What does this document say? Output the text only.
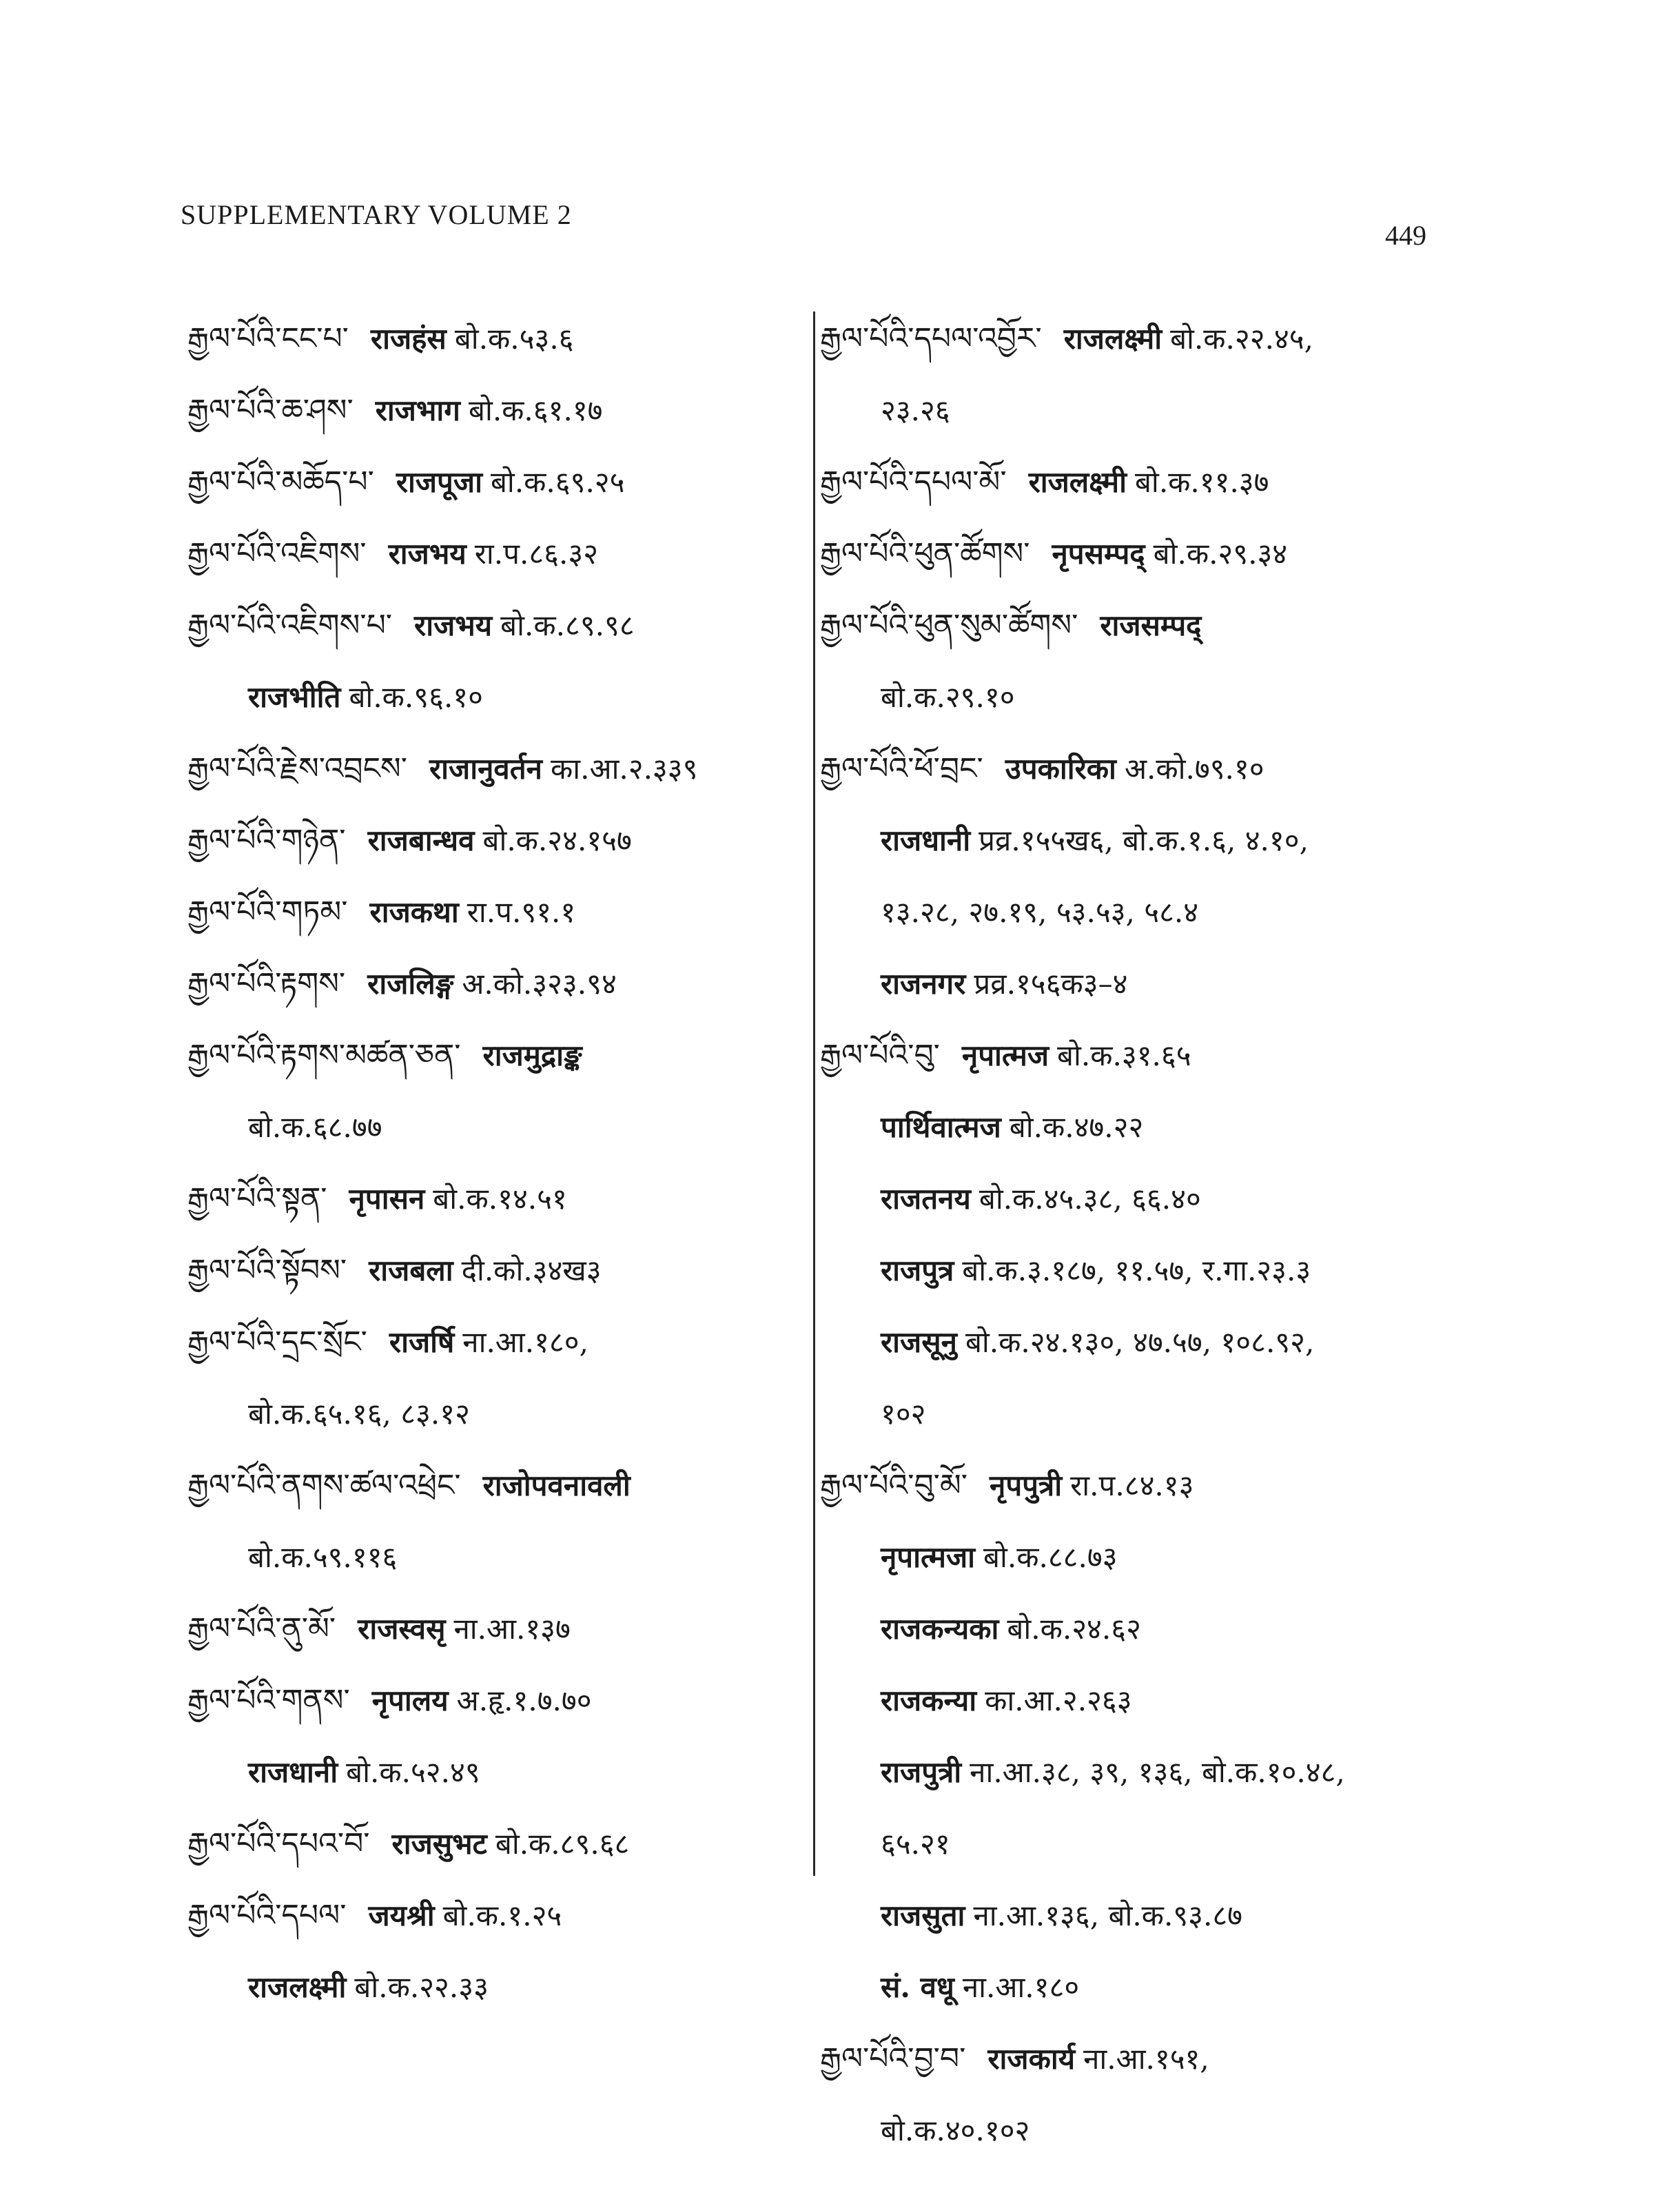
SUPPLEMENTARY VOLUME 2
449
རྒྱལ་པོའི་ངང་པ་ राजहंस बो.क.५३.६
རྒྱལ་པོའི་ཆ་ཤས་ राजभाग बो.क.६१.१७
རྒྱལ་པོའི་མཆོད་པ་ राजपूजा बो.क.६९.२५
རྒྱལ་པོའི་འཇིགས་ राजभय रा.प.८६.३२
རྒྱལ་པོའི་འཇིགས་པ་ राजभय बो.क.८९.९८
राजभीति बो.क.९६.१०
རྒྱལ་པོའི་རྗེས་འབྲངས་ राजानुवर्तन का.आ.२.३३९
རྒྱལ་པོའི་གཉེན་ राजबान्धव बो.क.२४.१५७
རྒྱལ་པོའི་གཏམ་ राजकथा रा.प.९१.१
རྒྱལ་པོའི་རྟགས་ राजलिङ्ग अ.को.३२३.९४
རྒྱལ་པོའི་རྟགས་མཚན་ཅན་ राजमुद्राङ्क
बो.क.६८.७७
རྒྱལ་པོའི་སྟན་ नृपासन बो.क.१४.५१
རྒྱལ་པོའི་སྟོབས་ राजबला दी.को.३४ख३
རྒྱལ་པོའི་དྲང་སྲོང་ राजर्षि ना.आ.१८०,
बो.क.६५.१६, ८३.१२
རྒྱལ་པོའི་ནགས་ཚལ་འཕྲེང་ राजोपवनावली
बो.क.५९.११६
རྒྱལ་པོའི་ནུ་མོ་ राजस्वसृ ना.आ.१३७
རྒྱལ་པོའི་གནས་ नृपालय अ.हृ.१.७.७०
राजधानी बो.क.५२.४९
རྒྱལ་པོའི་དཔའ་བོ་ राजसुभट बो.क.८९.६८
རྒྱལ་པོའི་དཔལ་ जयश्री बो.क.१.२५
राजलक्ष्मी बो.क.२२.३३
རྒྱལ་པོའི་དཔལ་འབྱོར་ राजलक्ष्मी बो.क.२२.४५,
२३.२६
རྒྱལ་པོའི་དཔལ་མོ་ राजलक्ष्मी बो.क.११.३७
རྒྱལ་པོའི་ཕུན་ཚོགས་ नृपसम्पद् बो.क.२९.३४
རྒྱལ་པོའི་ཕུན་སུམ་ཚོགས་ राजसम्पद्
बो.क.२९.१०
རྒྱལ་པོའི་ཕོ་བྲང་ उपकारिका अ.को.७९.१०
राजधानी प्रव्र.१५५ख६, बो.क.१.६, ४.१०,
१३.२८, २७.१९, ५३.५३, ५८.४
राजनगर प्रव्र.१५६क३–४
རྒྱལ་པོའི་བུ་ नृपात्मज बो.क.३१.६५
पार्थिवात्मज बो.क.४७.२२
राजतनय बो.क.४५.३८, ६६.४०
राजपुत्र बो.क.३.१८७, ११.५७, र.गा.२३.३
राजसूनु बो.क.२४.१३०, ४७.५७, १०८.९२,
१०२
རྒྱལ་པོའི་བུ་མོ་ नृपपुत्री रा.प.८४.१३
नृपात्मजा बो.क.८८.७३
राजकन्यका बो.क.२४.६२
राजकन्या का.आ.२.२६३
राजपुत्री ना.आ.३८, ३९, १३६, बो.क.१०.४८,
६५.२१
राजसुता ना.आ.१३६, बो.क.९३.८७
सं. वधू ना.आ.१८०
རྒྱལ་པོའི་བྱ་བ་ राजकार्य ना.आ.१५१,
बो.क.४०.१०२
